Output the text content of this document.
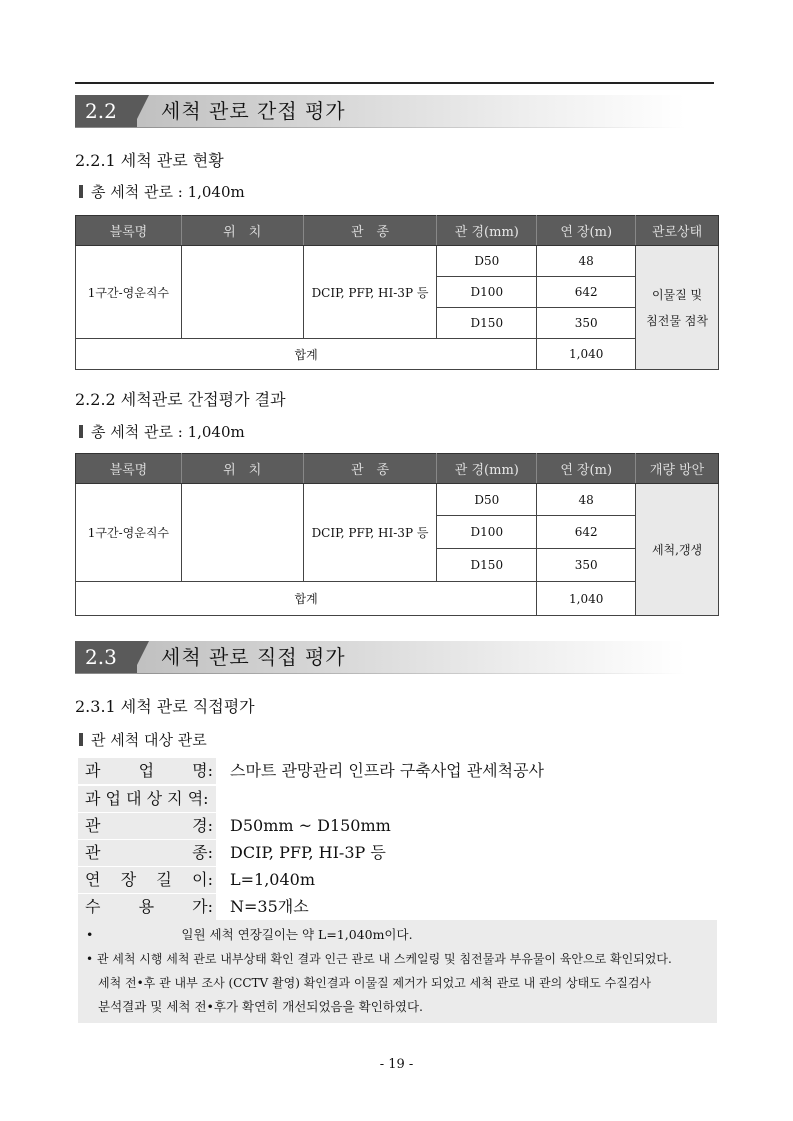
2.2	세척 관로 간접 평가
2.2.1 세척 관로 현황
총 세척 관로 : 1,040m
블록명	위　치	관　종	관 경(mm)	연 장(m)	관로상태
1구간-영운직수		DCIP, PFP, HI-3P 등	D50	48	이물질 및
침전물 점착

			D100	642	
			D150	350	
합계				1,040	
2.2.2 세척관로 간접평가 결과
총 세척 관로 : 1,040m
블록명	위　치	관　종	관 경(mm)	연 장(m)	개량 방안
1구간-영운직수		DCIP, PFP, HI-3P 등	D50	48	세척,갱생
			D100	642	
			D150	350	
합계				1,040	
2.3	세척 관로 직접 평가
2.3.1 세척 관로 직접평가
관 세척 대상 관로
과 업 명: 스마트 관망관리 인프라 구축사업 관세척공사
과 업 대 상 지 역:
관	경: D50mm ~ D150mm
관	종: DCIP, PFP, HI-3P 등
연 장 길 이: L=1,040m
수 용 가: N=35개소
•	일원 세척 연장길이는 약 L=1,040m이다.
• 관 세척 시행 세척 관로 내부상태 확인 결과 인근 관로 내 스케일링 및 침전물과 부유물이 육안으로 확인되었다.
세척 전•후 관 내부 조사 (CCTV 촬영) 확인결과 이물질 제거가 되었고 세척 관로 내 관의 상태도 수질검사
분석결과 및 세척 전•후가 확연히 개선되었음을 확인하였다.
- 19 -
